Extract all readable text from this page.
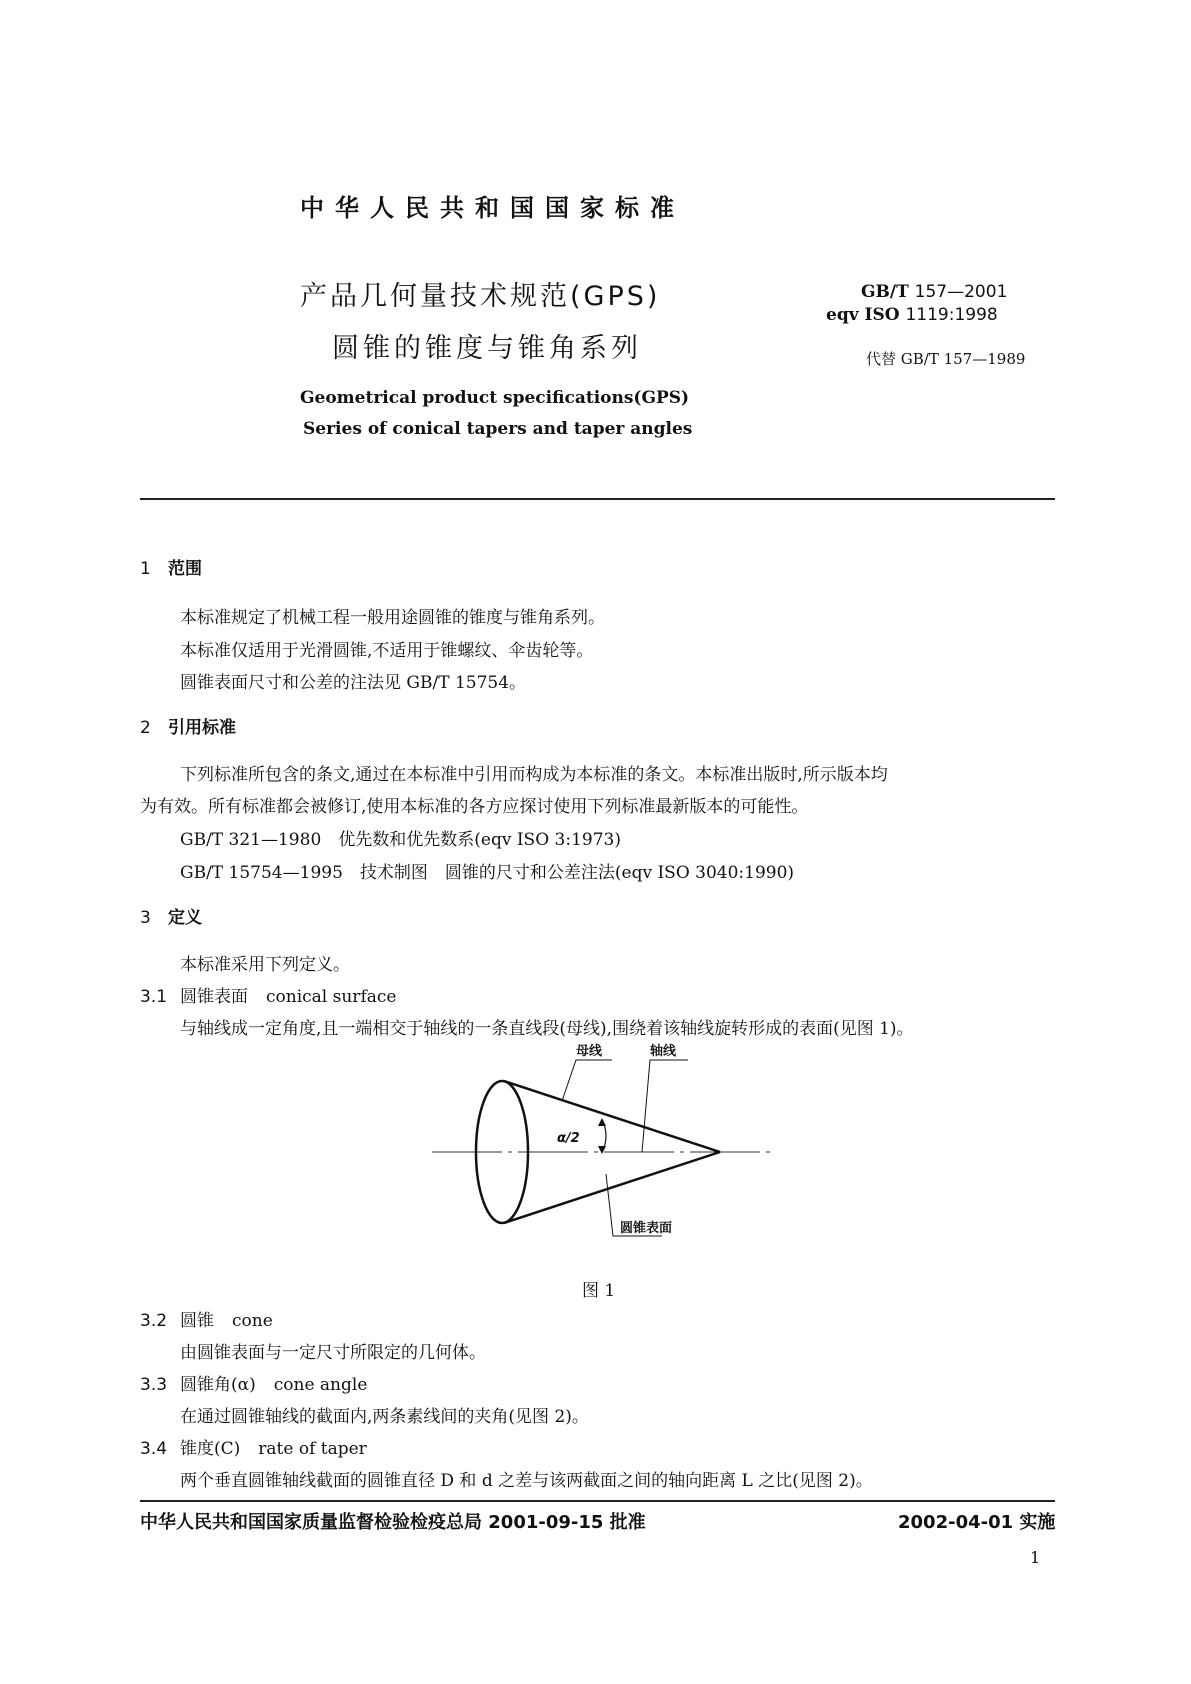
中华人民共和国国家标准
产品几何量技术规范(GPS)
圆锥的锥度与锥角系列
GB/T 157—2001
eqv ISO 1119:1998
代替 GB/T 157—1989
Geometrical product specifications(GPS)
Series of conical tapers and taper angles
1 范围
本标准规定了机械工程一般用途圆锥的锥度与锥角系列。
本标准仅适用于光滑圆锥,不适用于锥螺纹、伞齿轮等。
圆锥表面尺寸和公差的注法见 GB/T 15754。
2 引用标准
下列标准所包含的条文,通过在本标准中引用而构成为本标准的条文。本标准出版时,所示版本均
为有效。所有标准都会被修订,使用本标准的各方应探讨使用下列标准最新版本的可能性。
GB/T 321—1980　优先数和优先数系(eqv ISO 3:1973)
GB/T 15754—1995　技术制图　圆锥的尺寸和公差注法(eqv ISO 3040:1990)
3 定义
本标准采用下列定义。
3.1 圆锥表面 conical surface
与轴线成一定角度,且一端相交于轴线的一条直线段(母线),围绕着该轴线旋转形成的表面(见图 1)。
母线	轴线
α/2
圆锥表面
图 1
3.2 圆锥 cone
由圆锥表面与一定尺寸所限定的几何体。
3.3 圆锥角(α) cone angle
在通过圆锥轴线的截面内,两条素线间的夹角(见图 2)。
3.4 锥度(C) rate of taper
两个垂直圆锥轴线截面的圆锥直径 D 和 d 之差与该两截面之间的轴向距离 L 之比(见图 2)。
中华人民共和国国家质量监督检验检疫总局 2001-09-15 批准	2002-04-01 实施
1
